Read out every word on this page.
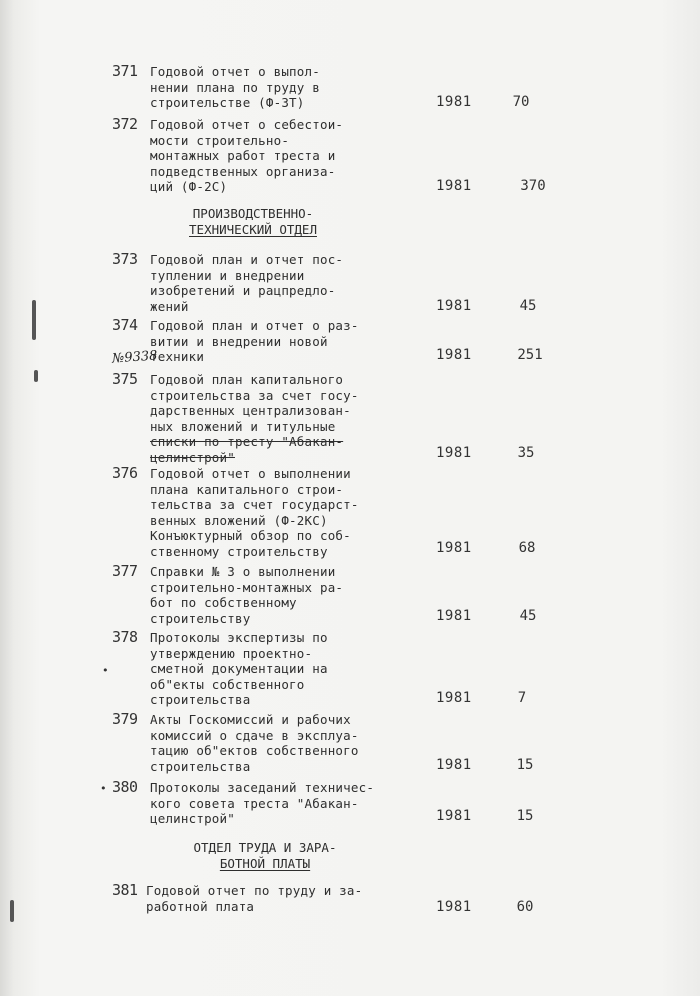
371 Годовой отчет о выпол-
нении плана по труду в
строительстве (Ф-3Т)	1981	70
372 Годовой отчет о себестои-
мости строительно-
монтажных работ треста и
подведственных организа-
ций (Ф-2С)	1981	370
ПРОИЗВОДСТВЕННО-
ТЕХНИЧЕСКИЙ ОТДЕЛ
373 Годовой план и отчет пос-
туплении и внедрении
изобретений и рацпредло-
жений	1981	45
374 Годовой план и отчет о раз-
витии и внедрении новой
техники	1981	251
№9338
375 Годовой план капитального
строительства за счет госу-
дарственных централизован-
ных вложений и титульные
списки по тресту "Абакан-
целинстрой"	1981	35
376 Годовой отчет о выполнении
плана капитального строи-
тельства за счет государст-
венных вложений (Ф-2КС)
Конъюктурный обзор по соб-
ственному строительству	1981	68
377 Справки № 3 о выполнении
строительно-монтажных ра-
бот по собственному
строительству	1981	45
378 Протоколы экспертизы по
утверждению проектно-
сметной документации на
об"екты собственного
строительства	1981	7
•
379 Акты Госкомиссий и рабочих
комиссий о сдаче в эксплуа-
тацию об"ектов собственного
строительства	1981	15
• 380 Протоколы заседаний техничес-
кого совета треста "Абакан-
целинстрой"	1981	15
ОТДЕЛ ТРУДА И ЗАРА-
БОТНОЙ ПЛАТЫ
381 Годовой отчет по труду и за-
работной плата	1981	60
